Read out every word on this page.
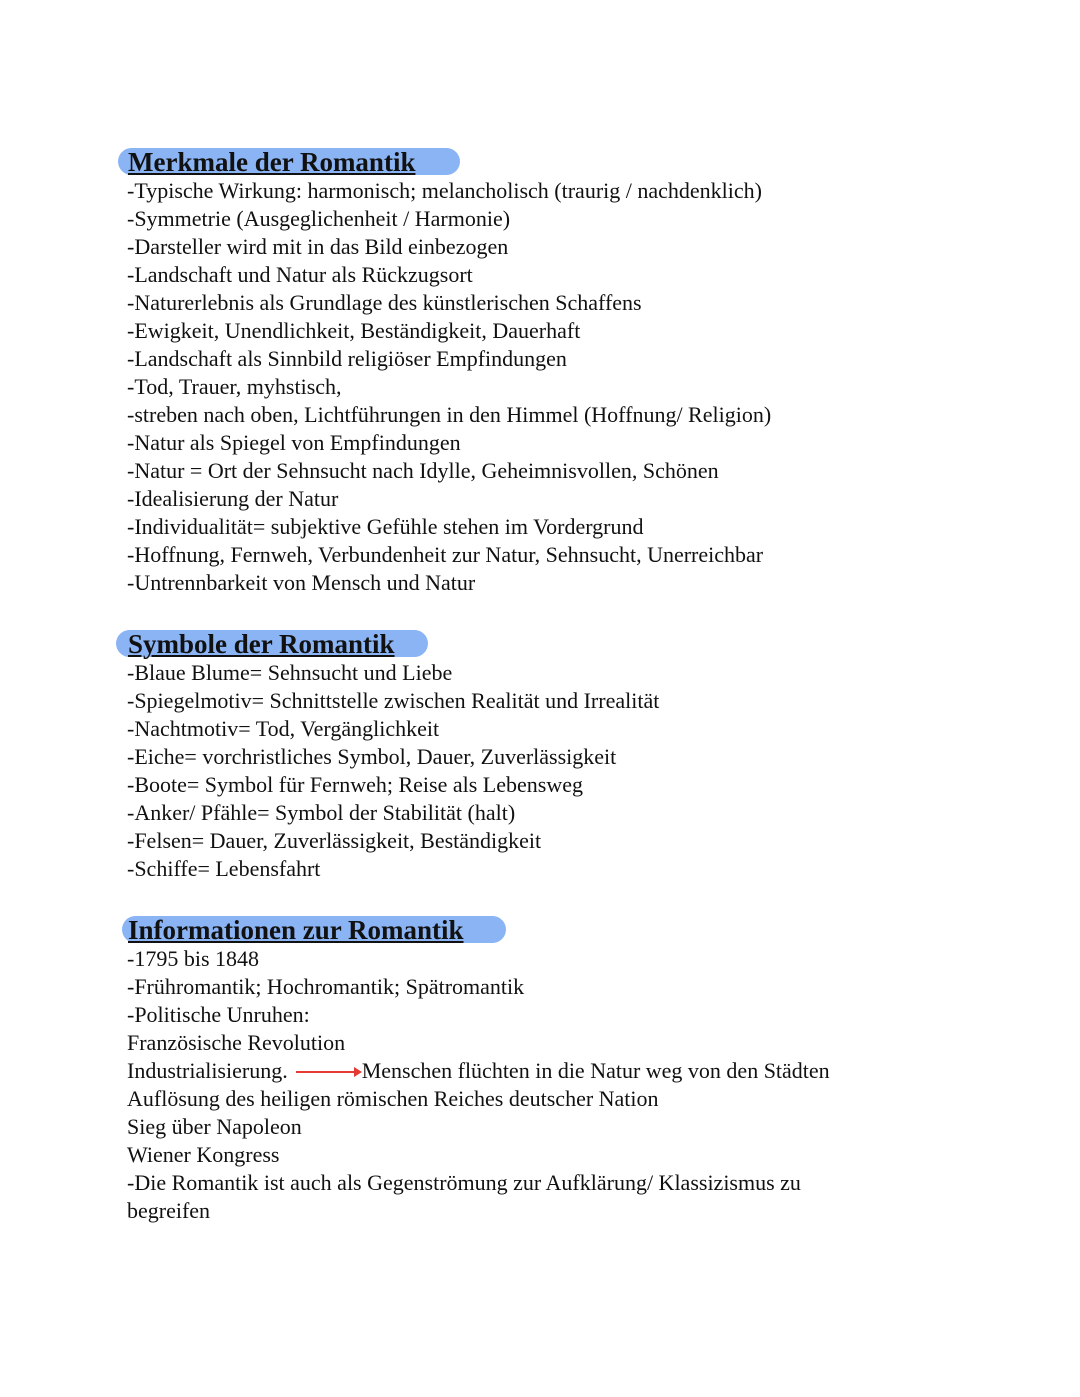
Merkmale der Romantik
-Typische Wirkung: harmonisch; melancholisch (traurig / nachdenklich)
-Symmetrie (Ausgeglichenheit / Harmonie)
-Darsteller wird mit in das Bild einbezogen
-Landschaft und Natur als Rückzugsort
-Naturerlebnis als Grundlage des künstlerischen Schaffens
-Ewigkeit, Unendlichkeit, Beständigkeit, Dauerhaft
-Landschaft als Sinnbild religiöser Empfindungen
-Tod, Trauer, myhstisch,
-streben nach oben, Lichtführungen in den Himmel (Hoffnung/ Religion)
-Natur als Spiegel von Empfindungen
-Natur = Ort der Sehnsucht nach Idylle, Geheimnisvollen, Schönen
-Idealisierung der Natur
-Individualität= subjektive Gefühle stehen im Vordergrund
-Hoffnung, Fernweh, Verbundenheit zur Natur, Sehnsucht, Unerreichbar
-Untrennbarkeit von Mensch und Natur
Symbole der Romantik
-Blaue Blume= Sehnsucht und Liebe
-Spiegelmotiv= Schnittstelle zwischen Realität und Irrealität
-Nachtmotiv= Tod, Vergänglichkeit
-Eiche= vorchristliches Symbol, Dauer, Zuverlässigkeit
-Boote= Symbol für Fernweh; Reise als Lebensweg
-Anker/ Pfähle= Symbol der Stabilität (halt)
-Felsen= Dauer, Zuverlässigkeit, Beständigkeit
-Schiffe= Lebensfahrt
Informationen zur Romantik
-1795 bis 1848
-Frühromantik; Hochromantik; Spätromantik
-Politische Unruhen:
Französische Revolution
Industrialisierung.	Menschen flüchten in die Natur weg von den Städten
Auflösung des heiligen römischen Reiches deutscher Nation
Sieg über Napoleon
Wiener Kongress
-Die Romantik ist auch als Gegenströmung zur Aufklärung/ Klassizismus zu
begreifen
